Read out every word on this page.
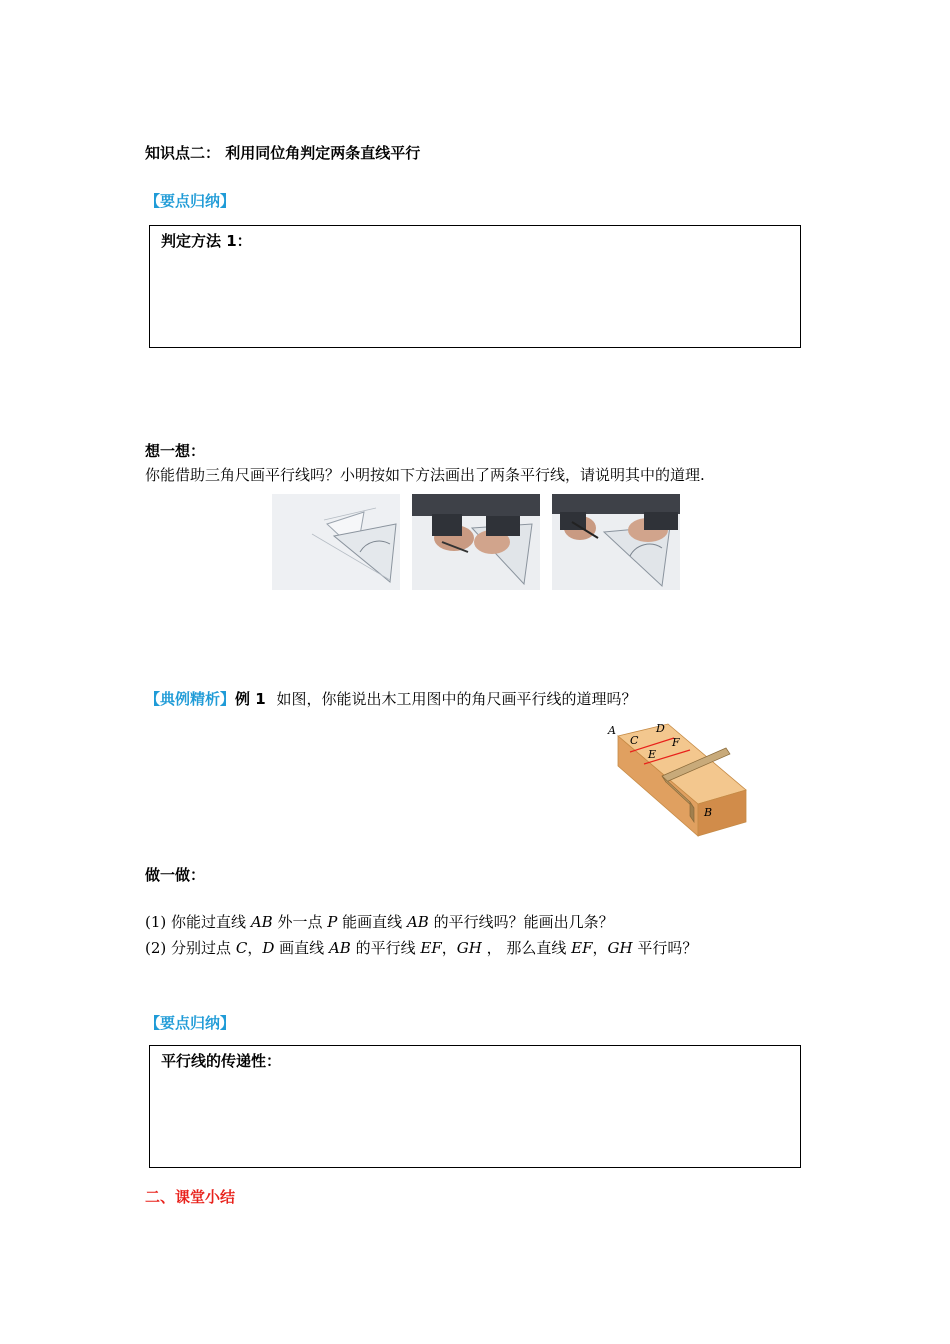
知识点二： 利用同位角判定两条直线平行
【要点归纳】
判定方法 1：
想一想：
你能借助三角尺画平行线吗？小明按如下方法画出了两条平行线，请说明其中的道理.
【典例精析】例 1 如图，你能说出木工用图中的角尺画平行线的道理吗？
A
C
D
E
F
B
做一做：
(1) 你能过直线 AB 外一点 P 能画直线 AB 的平行线吗？能画出几条？
(2) 分别过点 C，D 画直线 AB 的平行线 EF，GH ， 那么直线 EF，GH 平行吗？
【要点归纳】
平行线的传递性：
二、课堂小结
